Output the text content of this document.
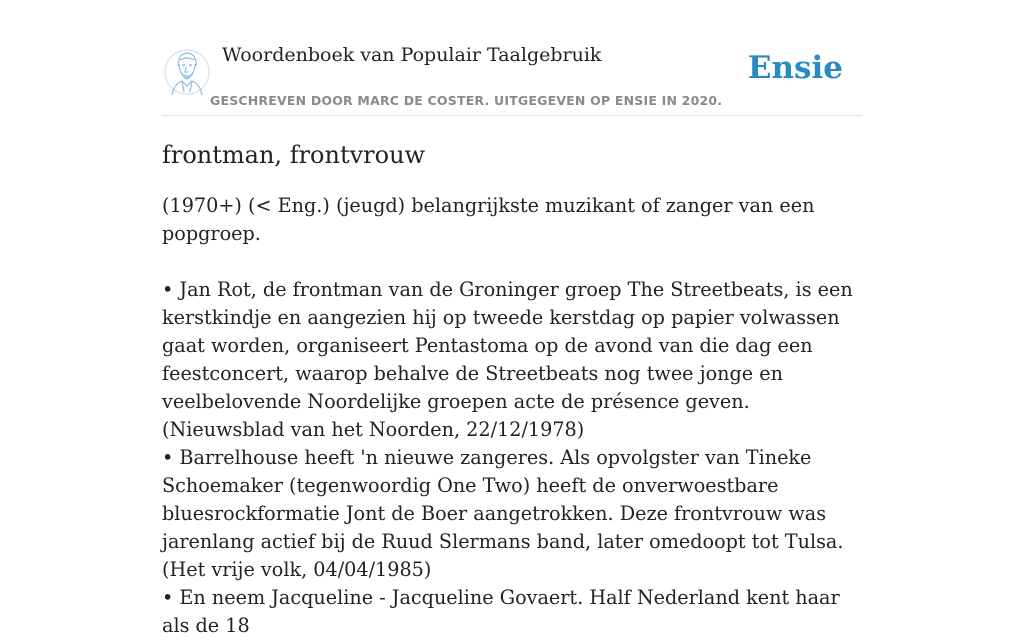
Woordenboek van Populair Taalgebruik
GESCHREVEN DOOR MARC DE COSTER. UITGEGEVEN OP ENSIE IN 2020.
Ensie
frontman, frontvrouw

(1970+) (< Eng.) (jeugd) belangrijkste muzikant of zanger van een popgroep.

• Jan Rot, de frontman van de Groninger groep The Streetbeats, is een kerstkindje en aangezien hij op tweede kerstdag op papier volwassen gaat worden, organiseert Pentastoma op de avond van die dag een feestconcert, waarop behalve de Streetbeats nog twee jonge en veelbelovende Noordelijke groepen acte de présence geven. (Nieuwsblad van het Noorden, 22/12/1978)
• Barrelhouse heeft 'n nieuwe zangeres. Als opvolgster van Tineke Schoemaker (tegenwoordig One Two) heeft de onverwoestbare bluesrockformatie Jont de Boer aangetrokken. Deze frontvrouw was jarenlang actief bij de Ruud Slermans band, later omedoopt tot Tulsa. (Het vrije volk, 04/04/1985)
• En neem Jacqueline - Jacqueline Govaert. Half Nederland kent haar als de 18
